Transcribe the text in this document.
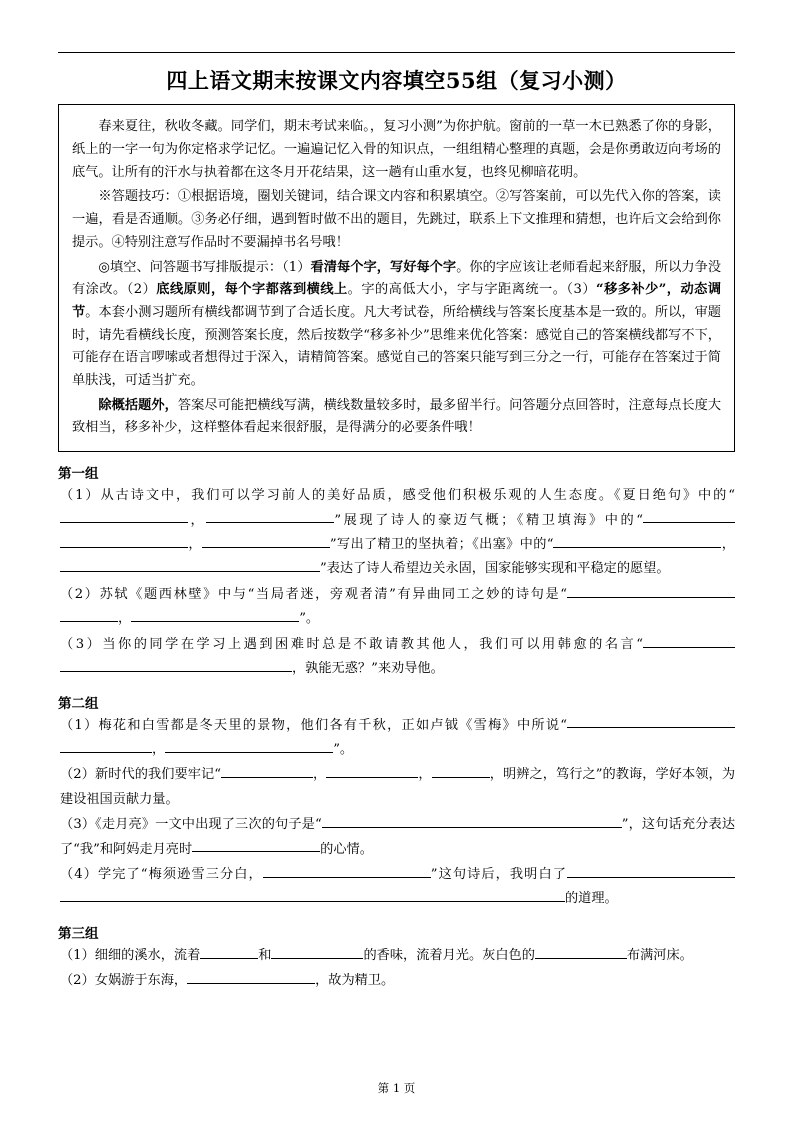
四上语文期末按课文内容填空55组（复习小测）

春来夏往，秋收冬藏。同学们，期末考试来临。，复习小测”为你护航。窗前的一草一木已熟悉了你的身影，纸上的一字一句为你定格求学记忆。一遍遍记忆入骨的知识点，一组组精心整理的真题，会是你勇敢迈向考场的底气。让所有的汗水与执着都在这冬月开花结果，这一趟有山重水复，也终见柳暗花明。

※答题技巧：①根据语境，圈划关键词，结合课文内容和积累填空。②写答案前，可以先代入你的答案，读一遍，看是否通顺。③务必仔细，遇到暂时做不出的题目，先跳过，联系上下文推理和猜想，也许后文会给到你提示。④特别注意写作品时不要漏掉书名号哦！

◎填空、问答题书写排版提示：（1）看清每个字，写好每个字。你的字应该让老师看起来舒服，所以力争没有涂改。（2）底线原则，每个字都落到横线上。字的高低大小，字与字距离统一。（3）“移多补少”，动态调节。本套小测习题所有横线都调节到了合适长度。凡大考试卷，所给横线与答案长度基本是一致的。所以，审题时，请先看横线长度，预测答案长度，然后按数学“移多补少”思维来优化答案：感觉自己的答案横线都写不下，可能存在语言啰嗦或者想得过于深入，请精简答案。感觉自己的答案只能写到三分之一行，可能存在答案过于简单肤浅，可适当扩充。

除概括题外，答案尽可能把横线写满，横线数量较多时，最多留半行。问答题分点回答时，注意每点长度大致相当，移多补少，这样整体看起来很舒服，是得满分的必要条件哦！

第一组
（1）从古诗文中，我们可以学习前人的美好品质，感受他们积极乐观的人生态度。《夏日绝句》中的“ ，	”展现了诗人的豪迈气概；《精卫填海》中的“  ，	”写出了精卫的坚执着；《出塞》中的“	，  ”表达了诗人希望边关永固，国家能够实现和平稳定的愿望。
（2）苏轼《题西林壁》中与“当局者迷，旁观者清”有异曲同工之妙的诗句是“  ，	”。
（3）当你的同学在学习上遇到困难时总是不敢请教其他人，我们可以用韩愈的名言“  ，孰能无惑？”来劝导他。
第二组
（1）梅花和白雪都是冬天里的景物，他们各有千秋，正如卢钺《雪梅》中所说“  ，	”。
（2）新时代的我们要牢记“	，	，	，明辨之，笃行之”的教诲，学好本领，为建设祖国贡献力量。
（3）《走月亮》一文中出现了三次的句子是“	”，这句话充分表达了“我”和阿妈走月亮时	的心情。
（4）学完了“梅须逊雪三分白，	”这句诗后，我明白了  的道理。
第三组
（1）细细的溪水，流着	和	的香味，流着月光。灰白色的	布满河床。
（2）女娲游于东海，	，故为精卫。
第 1 页
